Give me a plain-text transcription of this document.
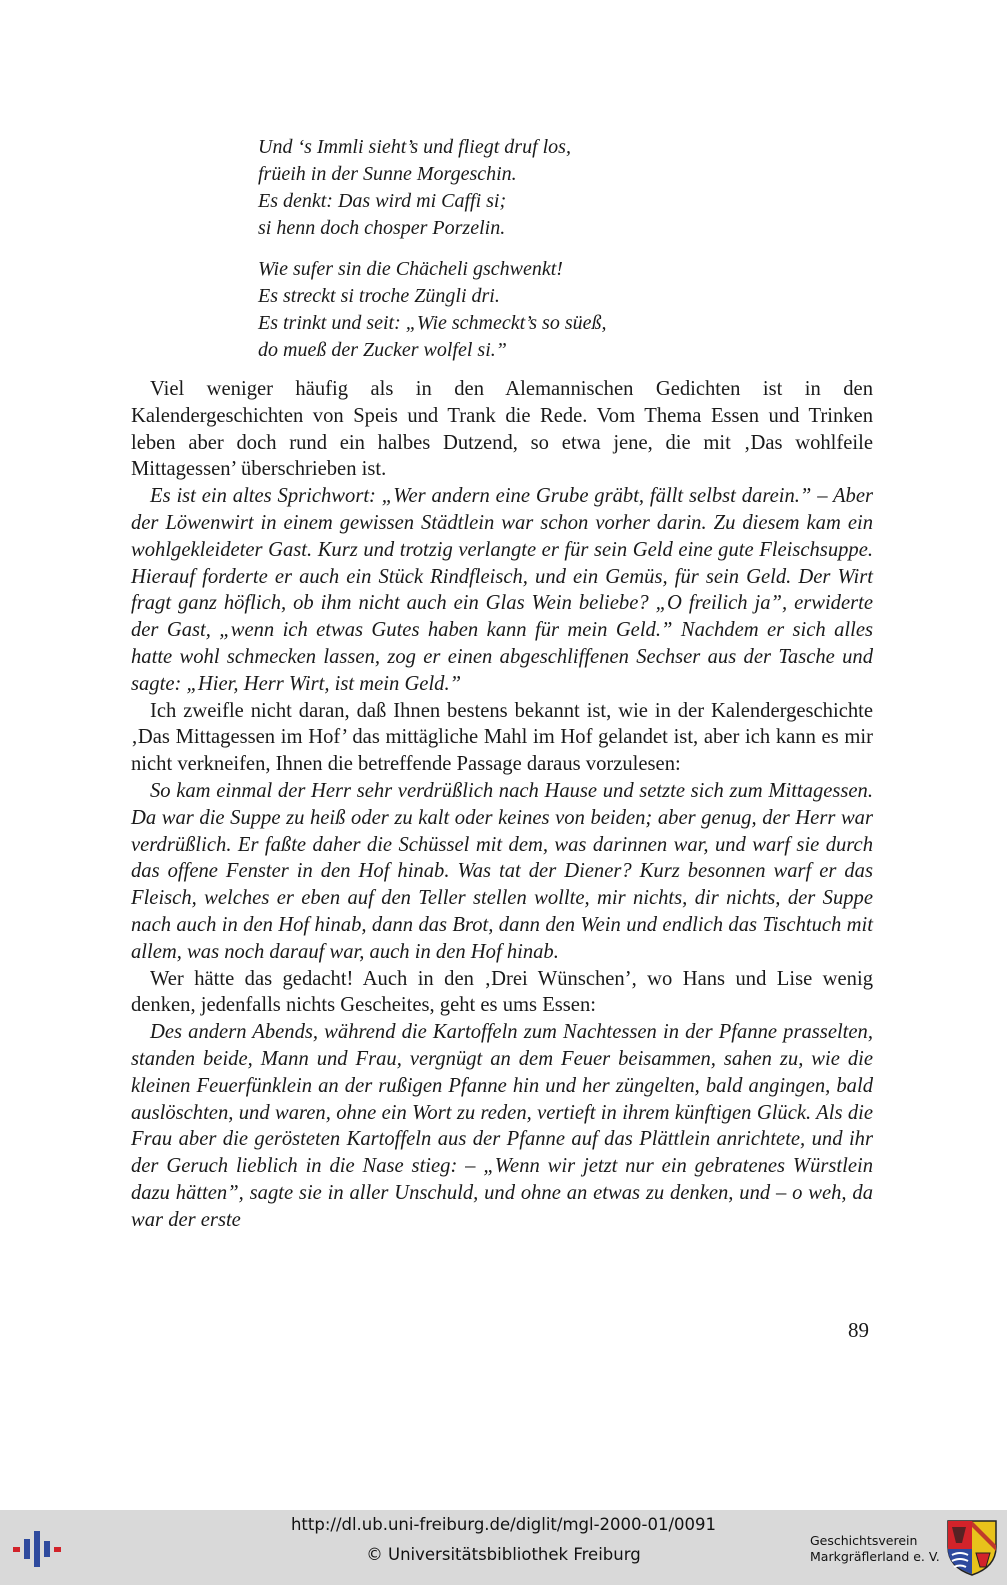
Und ‘s Immli sieht’s und fliegt druf los,
früeih in der Sunne Morgeschin.
Es denkt: Das wird mi Caffi si;
si henn doch chosper Porzelin.
Wie sufer sin die Chächeli gschwenkt!
Es streckt si troche Züngli dri.
Es trinkt und seit: „Wie schmeckt’s so süeß,
do mueß der Zucker wolfel si.”

Viel weniger häufig als in den Alemannischen Gedichten ist in den Kalendergeschichten von Speis und Trank die Rede. Vom Thema Essen und Trinken leben aber doch rund ein halbes Dutzend, so etwa jene, die mit ‚Das wohlfeile Mittagessen’ überschrieben ist.

Es ist ein altes Sprichwort: „Wer andern eine Grube gräbt, fällt selbst darein.” – Aber der Löwenwirt in einem gewissen Städtlein war schon vorher darin. Zu diesem kam ein wohlgekleideter Gast. Kurz und trotzig verlangte er für sein Geld eine gute Fleischsuppe. Hierauf forderte er auch ein Stück Rindfleisch, und ein Gemüs, für sein Geld. Der Wirt fragt ganz höflich, ob ihm nicht auch ein Glas Wein beliebe? „O freilich ja”, erwiderte der Gast, „wenn ich etwas Gutes haben kann für mein Geld.” Nachdem er sich alles hatte wohl schmecken lassen, zog er einen abgeschliffenen Sechser aus der Tasche und sagte: „Hier, Herr Wirt, ist mein Geld.”

Ich zweifle nicht daran, daß Ihnen bestens bekannt ist, wie in der Kalendergeschichte ‚Das Mittagessen im Hof’ das mittägliche Mahl im Hof gelandet ist, aber ich kann es mir nicht verkneifen, Ihnen die betreffende Passage daraus vorzulesen:

So kam einmal der Herr sehr verdrüßlich nach Hause und setzte sich zum Mittagessen. Da war die Suppe zu heiß oder zu kalt oder keines von beiden; aber genug, der Herr war verdrüßlich. Er faßte daher die Schüssel mit dem, was darinnen war, und warf sie durch das offene Fenster in den Hof hinab. Was tat der Diener? Kurz besonnen warf er das Fleisch, welches er eben auf den Teller stellen wollte, mir nichts, dir nichts, der Suppe nach auch in den Hof hinab, dann das Brot, dann den Wein und endlich das Tischtuch mit allem, was noch darauf war, auch in den Hof hinab.

Wer hätte das gedacht! Auch in den ‚Drei Wünschen’, wo Hans und Lise wenig denken, jedenfalls nichts Gescheites, geht es ums Essen:

Des andern Abends, während die Kartoffeln zum Nachtessen in der Pfanne prasselten, standen beide, Mann und Frau, vergnügt an dem Feuer beisammen, sahen zu, wie die kleinen Feuerfünklein an der rußigen Pfanne hin und her züngelten, bald angingen, bald auslöschten, und waren, ohne ein Wort zu reden, vertieft in ihrem künftigen Glück. Als die Frau aber die gerösteten Kartoffeln aus der Pfanne auf das Plättlein anrichtete, und ihr der Geruch lieblich in die Nase stieg: – „Wenn wir jetzt nur ein gebratenes Würstlein dazu hätten”, sagte sie in aller Unschuld, und ohne an etwas zu denken, und – o weh, da war der erste

89
http://dl.ub.uni-freiburg.de/diglit/mgl-2000-01/0091
© Universitätsbibliothek Freiburg
Geschichtsverein
Markgräflerland e. V.
